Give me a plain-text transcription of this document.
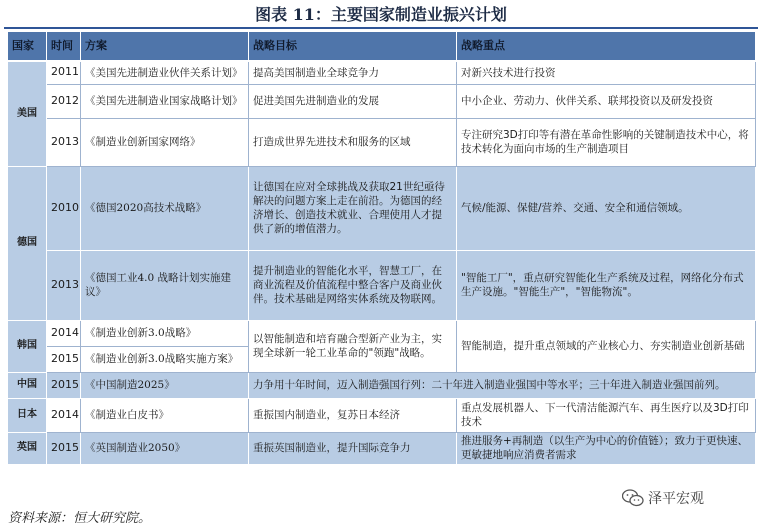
图表 11：主要国家制造业振兴计划
国家	时间	方案	战略目标	战略重点
美国	2011	《美国先进制造业伙伴关系计划》	提高美国制造业全球竞争力	对新兴技术进行投资
	2012	《美国先进制造业国家战略计划》	促进美国先进制造业的发展	中小企业、劳动力、伙伴关系、联邦投资以及研发投资
	2013	《制造业创新国家网络》	打造成世界先进技术和服务的区域	专注研究3D打印等有潜在革命性影响的关键制造技术中心，将技术转化为面向市场的生产制造项目
德国	2010	《德国2020高技术战略》	让德国在应对全球挑战及获取21世纪亟待解决的问题方案上走在前沿。为德国的经济增长、创造技术就业、合理使用人才提供了新的增值潜力。	气候/能源、保健/营养、交通、安全和通信领域。
	2013	《德国工业4.0 战略计划实施建议》	提升制造业的智能化水平，智慧工厂，在商业流程及价值流程中整合客户及商业伙伴。技术基础是网络实体系统及物联网。	"智能工厂"，重点研究智能化生产系统及过程，网络化分布式生产设施。"智能生产"，"智能物流"。
韩国	2014	《制造业创新3.0战略》	以智能制造和培育融合型新产业为主，实现全球新一轮工业革命的"领跑"战略。	智能制造，提升重点领域的产业核心力、夯实制造业创新基础
	2015	《制造业创新3.0战略实施方案》		
中国	2015	《中国制造2025》	力争用十年时间，迈入制造强国行列：二十年进入制造业强国中等水平；三十年进入制造业强国前列。	
日本	2014	《制造业白皮书》	重振国内制造业，复苏日本经济	重点发展机器人、下一代清洁能源汽车、再生医疗以及3D打印技术
英国	2015	《英国制造业2050》	重振英国制造业，提升国际竞争力	推进服务+再制造（以生产为中心的价值链）；致力于更快速、更敏捷地响应消费者需求
资料来源：恒大研究院。
泽平宏观
